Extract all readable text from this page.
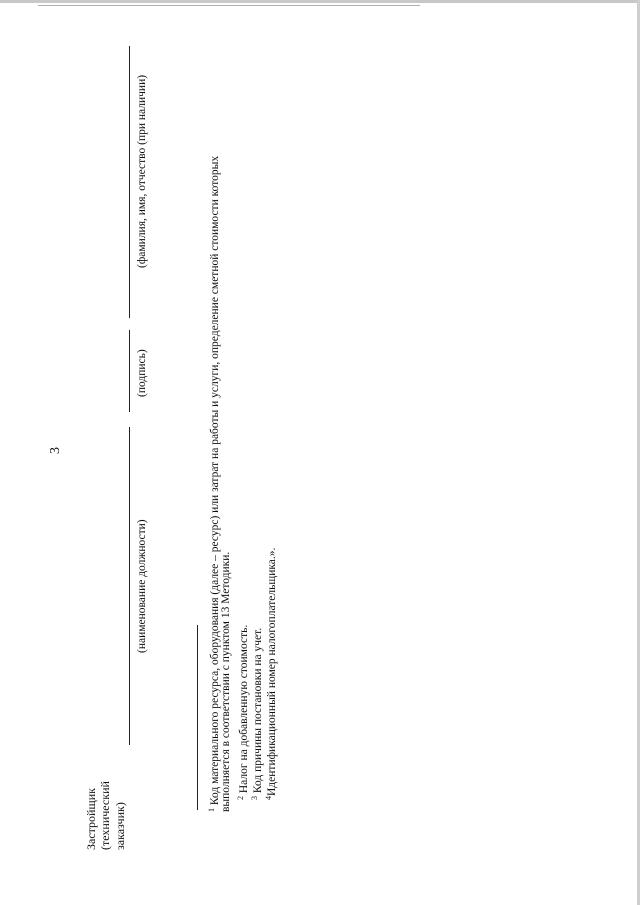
3
Застройщик (технический заказчик)
(наименование должности)
(подпись)
(фамилия, имя, отчество (при наличии)
$^1$ Код материального ресурса, оборудования (далее – ресурс) или затрат на работы и услуги, определение сметной стоимости которых выполняется в соответствии с пунктом 13 Методики. $^2$ Налог на добавленную стоимость.
$^3$ Код причины постановки на учет.
$^4$Идентификационный номер налогоплательщика.».
